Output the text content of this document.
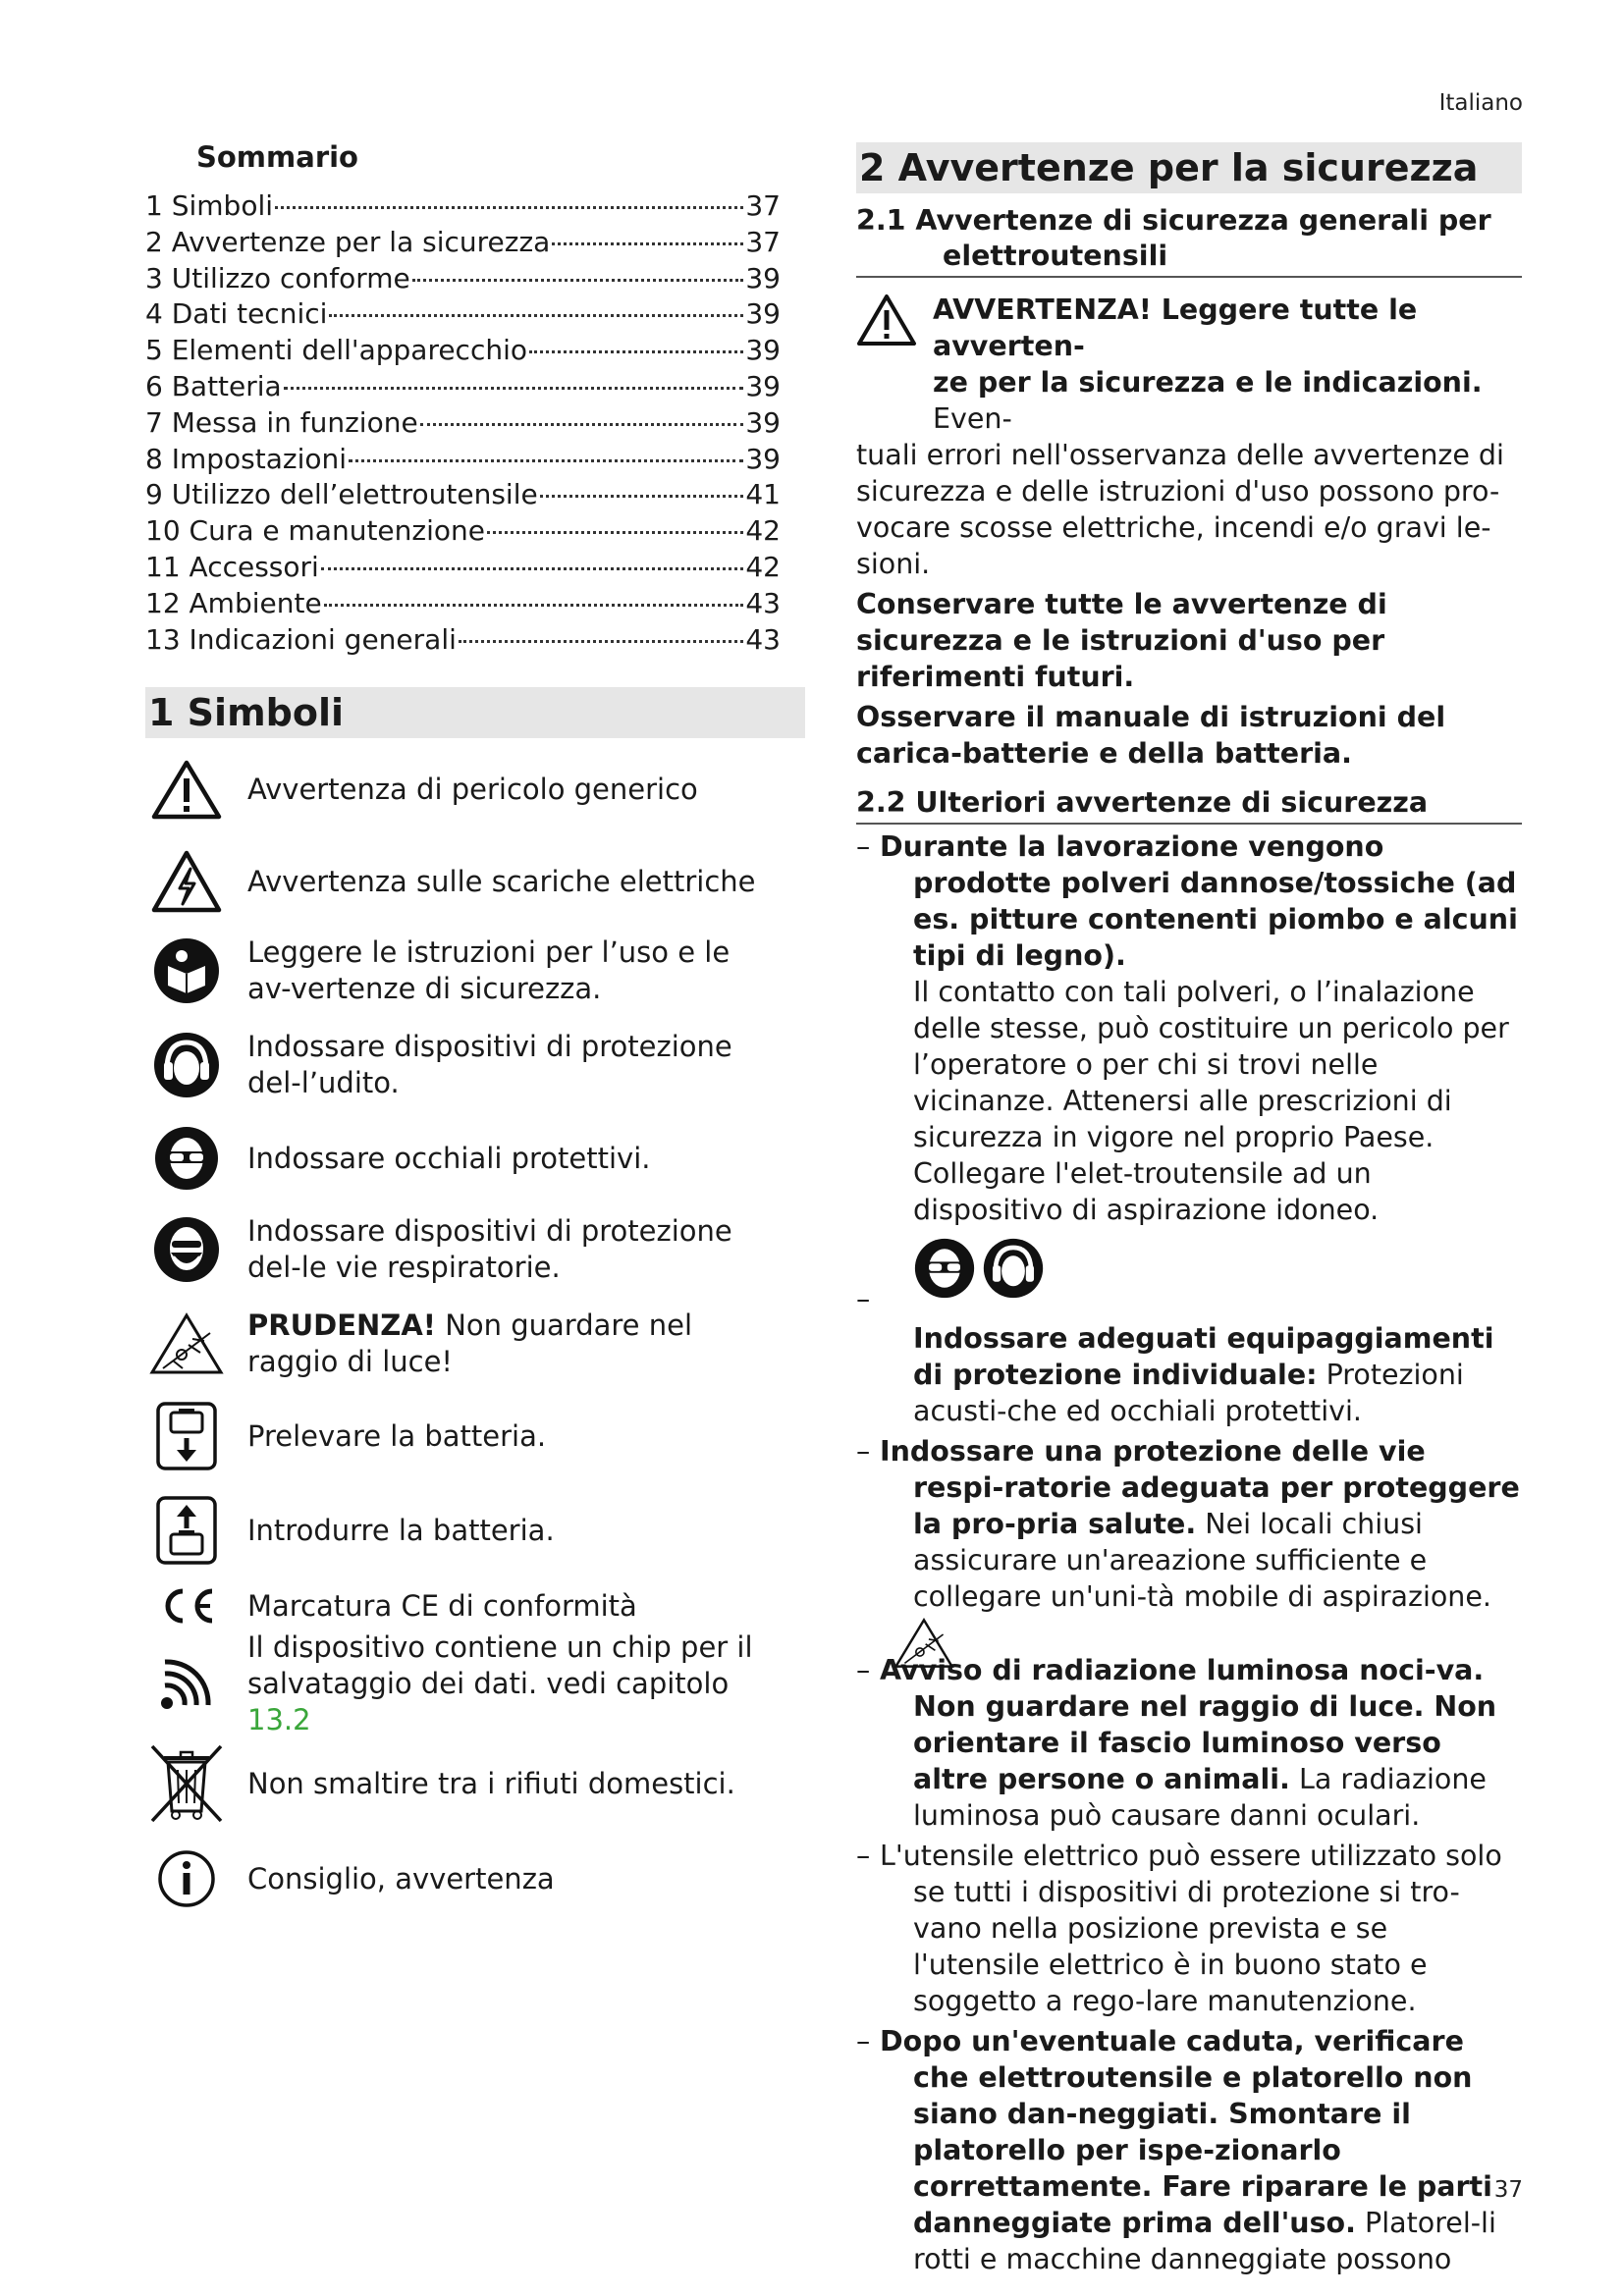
Italiano
Sommario
1 Simboli	37
2 Avvertenze per la sicurezza	37
3 Utilizzo conforme	39
4 Dati tecnici	39
5 Elementi dell'apparecchio	39
6 Batteria	39
7 Messa in funzione	39
8 Impostazioni	39
9 Utilizzo dell’elettroutensile	41
10 Cura e manutenzione	42
11 Accessori	42
12 Ambiente	43
13 Indicazioni generali	43
1 Simboli
Avvertenza di pericolo generico
Avvertenza sulle scariche elettriche
Leggere le istruzioni per l’uso e le av-vertenze di sicurezza.
Indossare dispositivi di protezione del-l’udito.
Indossare occhiali protettivi.
Indossare dispositivi di protezione del-le vie respiratorie.
PRUDENZA! Non guardare nel raggio di luce!
Prelevare la batteria.
Introdurre la batteria.
Marcatura CE di conformità
Il dispositivo contiene un chip per il salvataggio dei dati. vedi capitolo 13.2
Non smaltire tra i rifiuti domestici.
Consiglio, avvertenza
2 Avvertenze per la sicurezza
2.1 Avvertenze di sicurezza generali per
elettroutensili
AVVERTENZA! Leggere tutte le avverten-
ze per la sicurezza e le indicazioni. Even-
tuali errori nell'osservanza delle avvertenze di sicurezza e delle istruzioni d'uso possono pro-vocare scosse elettriche, incendi e/o gravi le-sioni.

Conservare tutte le avvertenze di sicurezza e le istruzioni d'uso per riferimenti futuri.

Osservare il manuale di istruzioni del carica-batterie e della batteria.

2.2 Ulteriori avvertenze di sicurezza
– Durante la lavorazione vengono prodotte polveri dannose/tossiche (ad es. pitture contenenti piombo e alcuni tipi di legno).
Il contatto con tali polveri, o l’inalazione delle stesse, può costituire un pericolo per l’operatore o per chi si trovi nelle vicinanze. Attenersi alle prescrizioni di sicurezza in vigore nel proprio Paese. Collegare l'elet-troutensile ad un dispositivo di aspirazione idoneo.
–
Indossare adeguati equipaggiamenti di protezione individuale: Protezioni acusti-che ed occhiali protettivi.
– Indossare una protezione delle vie respi-ratorie adeguata per proteggere la pro-pria salute. Nei locali chiusi assicurare un'areazione sufficiente e collegare un'uni-tà mobile di aspirazione.
– Avviso di radiazione luminosa noci-va. Non guardare nel raggio di luce. Non orientare il fascio luminoso verso altre persone o animali. La radiazione luminosa può causare danni oculari.
– L'utensile elettrico può essere utilizzato solo se tutti i dispositivi di protezione si tro-vano nella posizione prevista e se l'utensile elettrico è in buono stato e soggetto a rego-lare manutenzione.
– Dopo un'eventuale caduta, verificare che elettroutensile e platorello non siano dan-neggiati. Smontare il platorello per ispe-zionarlo correttamente. Fare riparare le parti danneggiate prima dell'uso. Platorel-li rotti e macchine danneggiate possono
37
